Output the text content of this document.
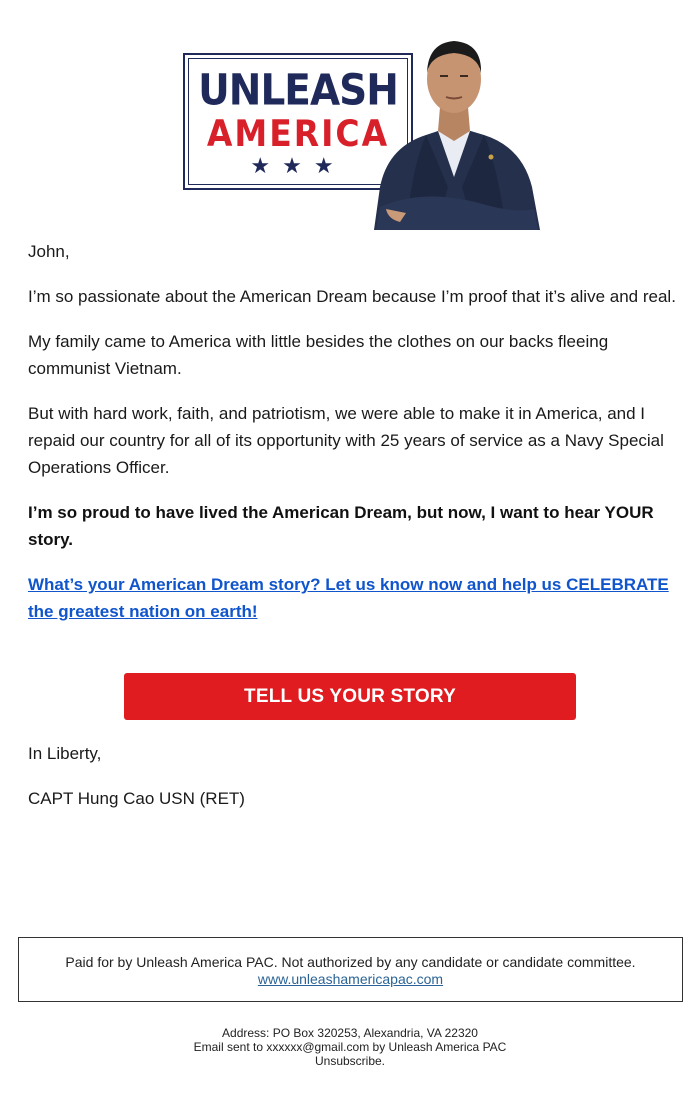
UNLEASH
AMERICA
★★★

John,

I’m so passionate about the American Dream because I’m proof that it’s alive and real.

My family came to America with little besides the clothes on our backs fleeing communist Vietnam.

But with hard work, faith, and patriotism, we were able to make it in America, and I repaid our country for all of its opportunity with 25 years of service as a Navy Special Operations Officer.

I’m so proud to have lived the American Dream, but now, I want to hear YOUR story.

What’s your American Dream story? Let us know now and help us CELEBRATE the greatest nation on earth!

TELL US YOUR STORY
In Liberty,
CAPT Hung Cao USN (RET)
Paid for by Unleash America PAC. Not authorized by any candidate or candidate committee.
www.unleashamericapac.com
Address: PO Box 320253, Alexandria, VA 22320
Email sent to xxxxxx@gmail.com by Unleash America PAC
Unsubscribe.
